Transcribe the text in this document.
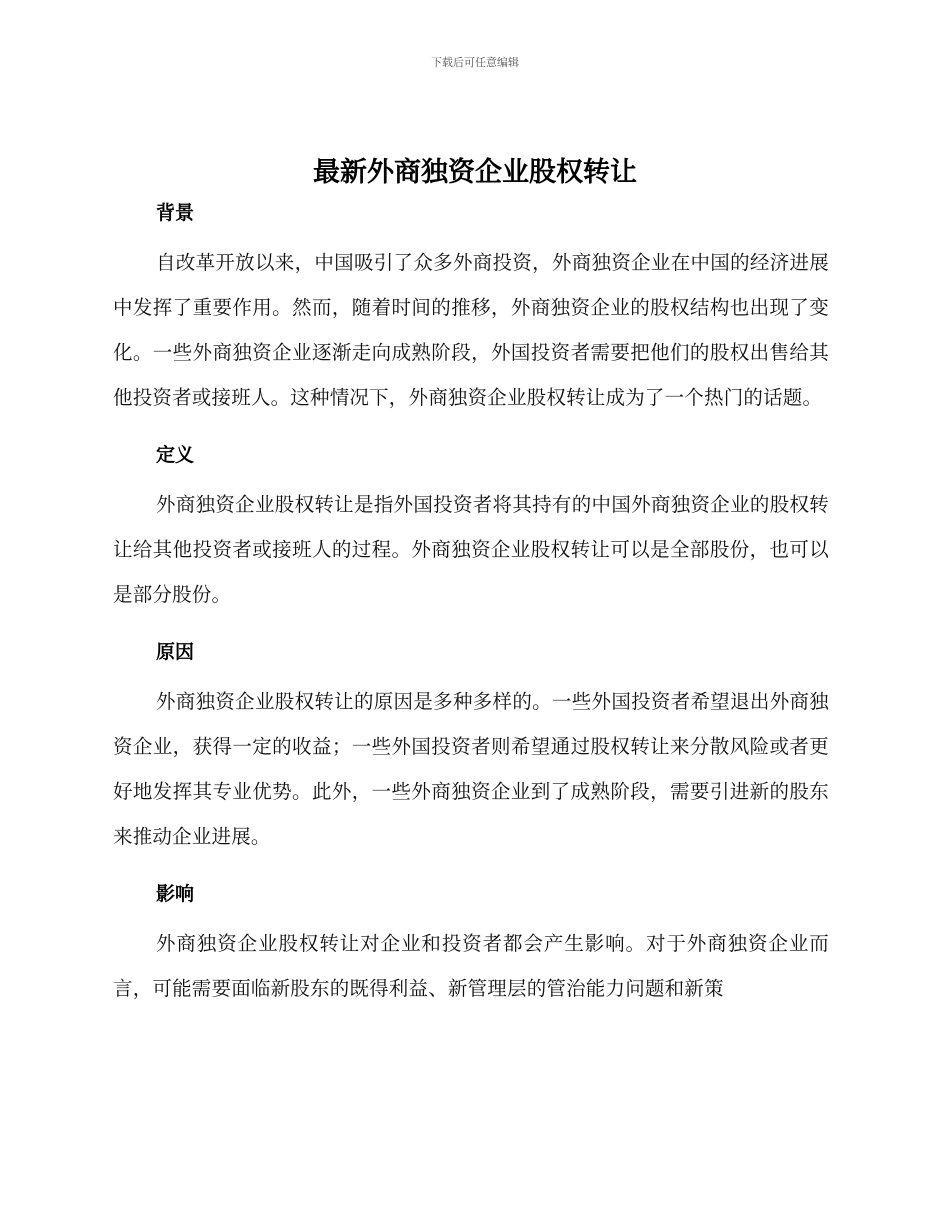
下载后可任意编辑
最新外商独资企业股权转让
背景

自改革开放以来，中国吸引了众多外商投资，外商独资企业在中国的经济进展中发挥了重要作用。然而，随着时间的推移，外商独资企业的股权结构也出现了变化。一些外商独资企业逐渐走向成熟阶段，外国投资者需要把他们的股权出售给其他投资者或接班人。这种情况下，外商独资企业股权转让成为了一个热门的话题。

定义

外商独资企业股权转让是指外国投资者将其持有的中国外商独资企业的股权转让给其他投资者或接班人的过程。外商独资企业股权转让可以是全部股份，也可以是部分股份。

原因

外商独资企业股权转让的原因是多种多样的。一些外国投资者希望退出外商独资企业，获得一定的收益；一些外国投资者则希望通过股权转让来分散风险或者更好地发挥其专业优势。此外，一些外商独资企业到了成熟阶段，需要引进新的股东来推动企业进展。

影响

外商独资企业股权转让对企业和投资者都会产生影响。对于外商独资企业而言，可能需要面临新股东的既得利益、新管理层的管治能力问题和新策
